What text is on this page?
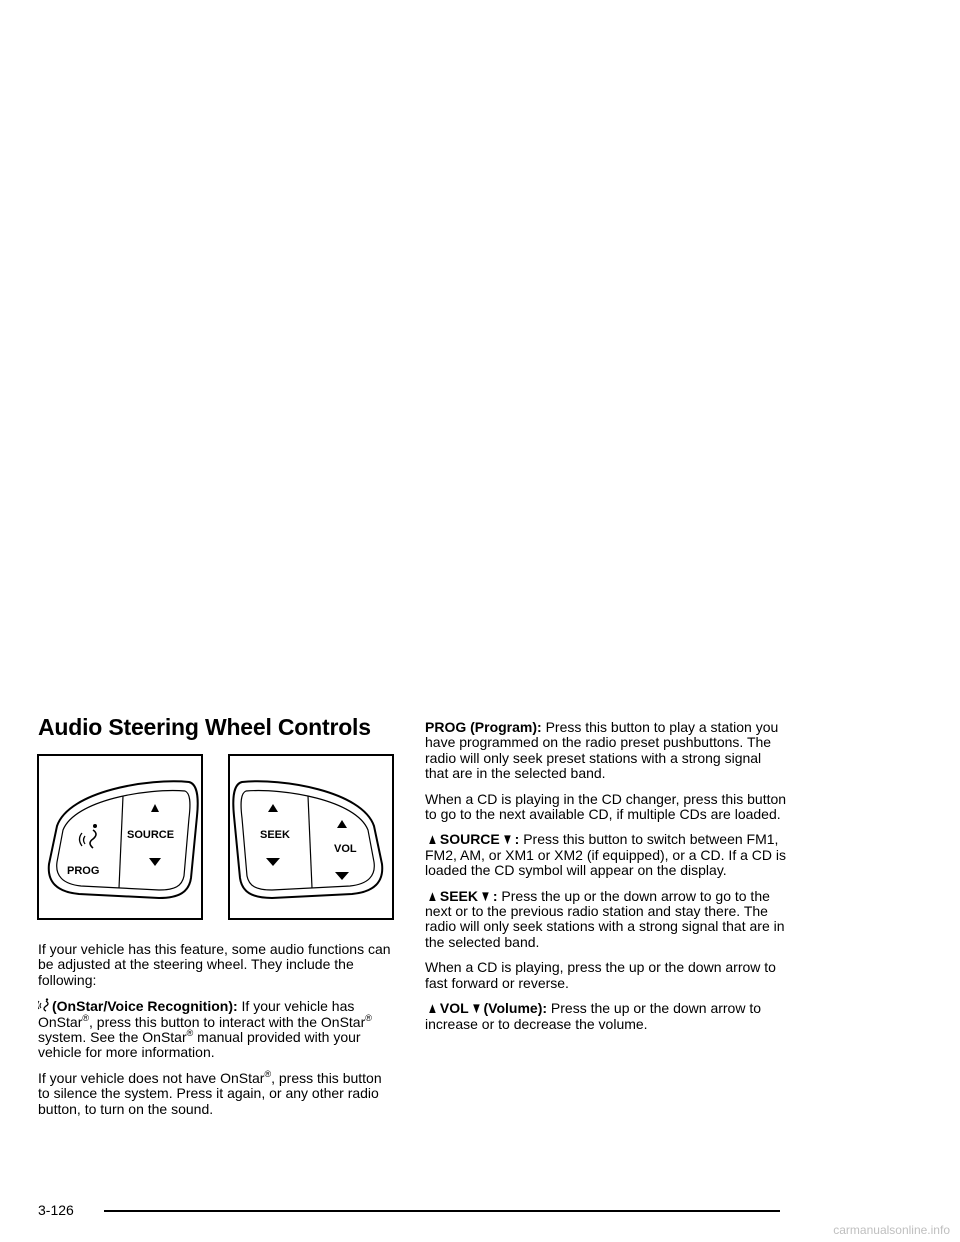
Audio Steering Wheel Controls
PROG
SOURCE	SEEK
VOL

If your vehicle has this feature, some audio functions can be adjusted at the steering wheel. They include the following:

(OnStar/Voice Recognition): If your vehicle has OnStar®, press this button to interact with the OnStar® system. See the OnStar® manual provided with your vehicle for more information.

If your vehicle does not have OnStar®, press this button to silence the system. Press it again, or any other radio button, to turn on the sound.

PROG (Program): Press this button to play a station you have programmed on the radio preset pushbuttons. The radio will only seek preset stations with a strong signal that are in the selected band.

When a CD is playing in the CD changer, press this button to go to the next available CD, if multiple CDs are loaded.

▲ SOURCE ▼ : Press this button to switch between FM1, FM2, AM, or XM1 or XM2 (if equipped), or a CD. If a CD is loaded the CD symbol will appear on the display.

▲ SEEK ▼ : Press the up or the down arrow to go to the next or to the previous radio station and stay there. The radio will only seek stations with a strong signal that are in the selected band.

When a CD is playing, press the up or the down arrow to fast forward or reverse.

▲ VOL ▼ (Volume): Press the up or the down arrow to increase or to decrease the volume.

3-126
carmanualsonline.info
